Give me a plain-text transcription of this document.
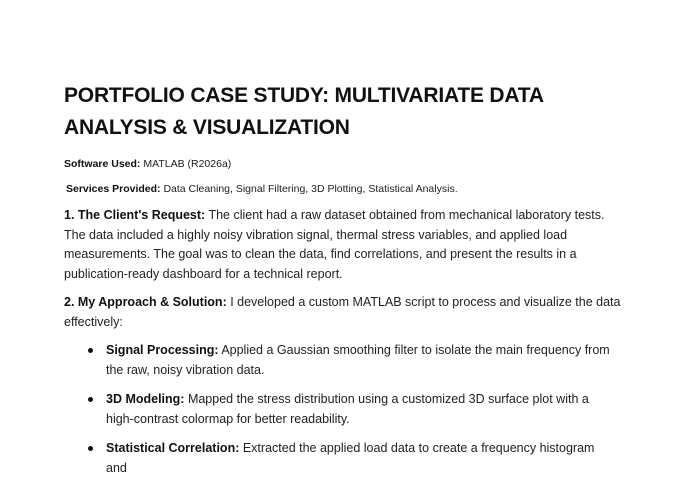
PORTFOLIO CASE STUDY: MULTIVARIATE DATA ANALYSIS & VISUALIZATION

Software Used: MATLAB (R2026a)

Services Provided: Data Cleaning, Signal Filtering, 3D Plotting, Statistical Analysis.

1. The Client's Request: The client had a raw dataset obtained from mechanical laboratory tests. The data included a highly noisy vibration signal, thermal stress variables, and applied load measurements. The goal was to clean the data, find correlations, and present the results in a publication-ready dashboard for a technical report.

2. My Approach & Solution: I developed a custom MATLAB script to process and visualize the data effectively:

Signal Processing: Applied a Gaussian smoothing filter to isolate the main frequency from the raw, noisy vibration data.
3D Modeling: Mapped the stress distribution using a customized 3D surface plot with a high-contrast colormap for better readability.
Statistical Correlation: Extracted the applied load data to create a frequency histogram and
